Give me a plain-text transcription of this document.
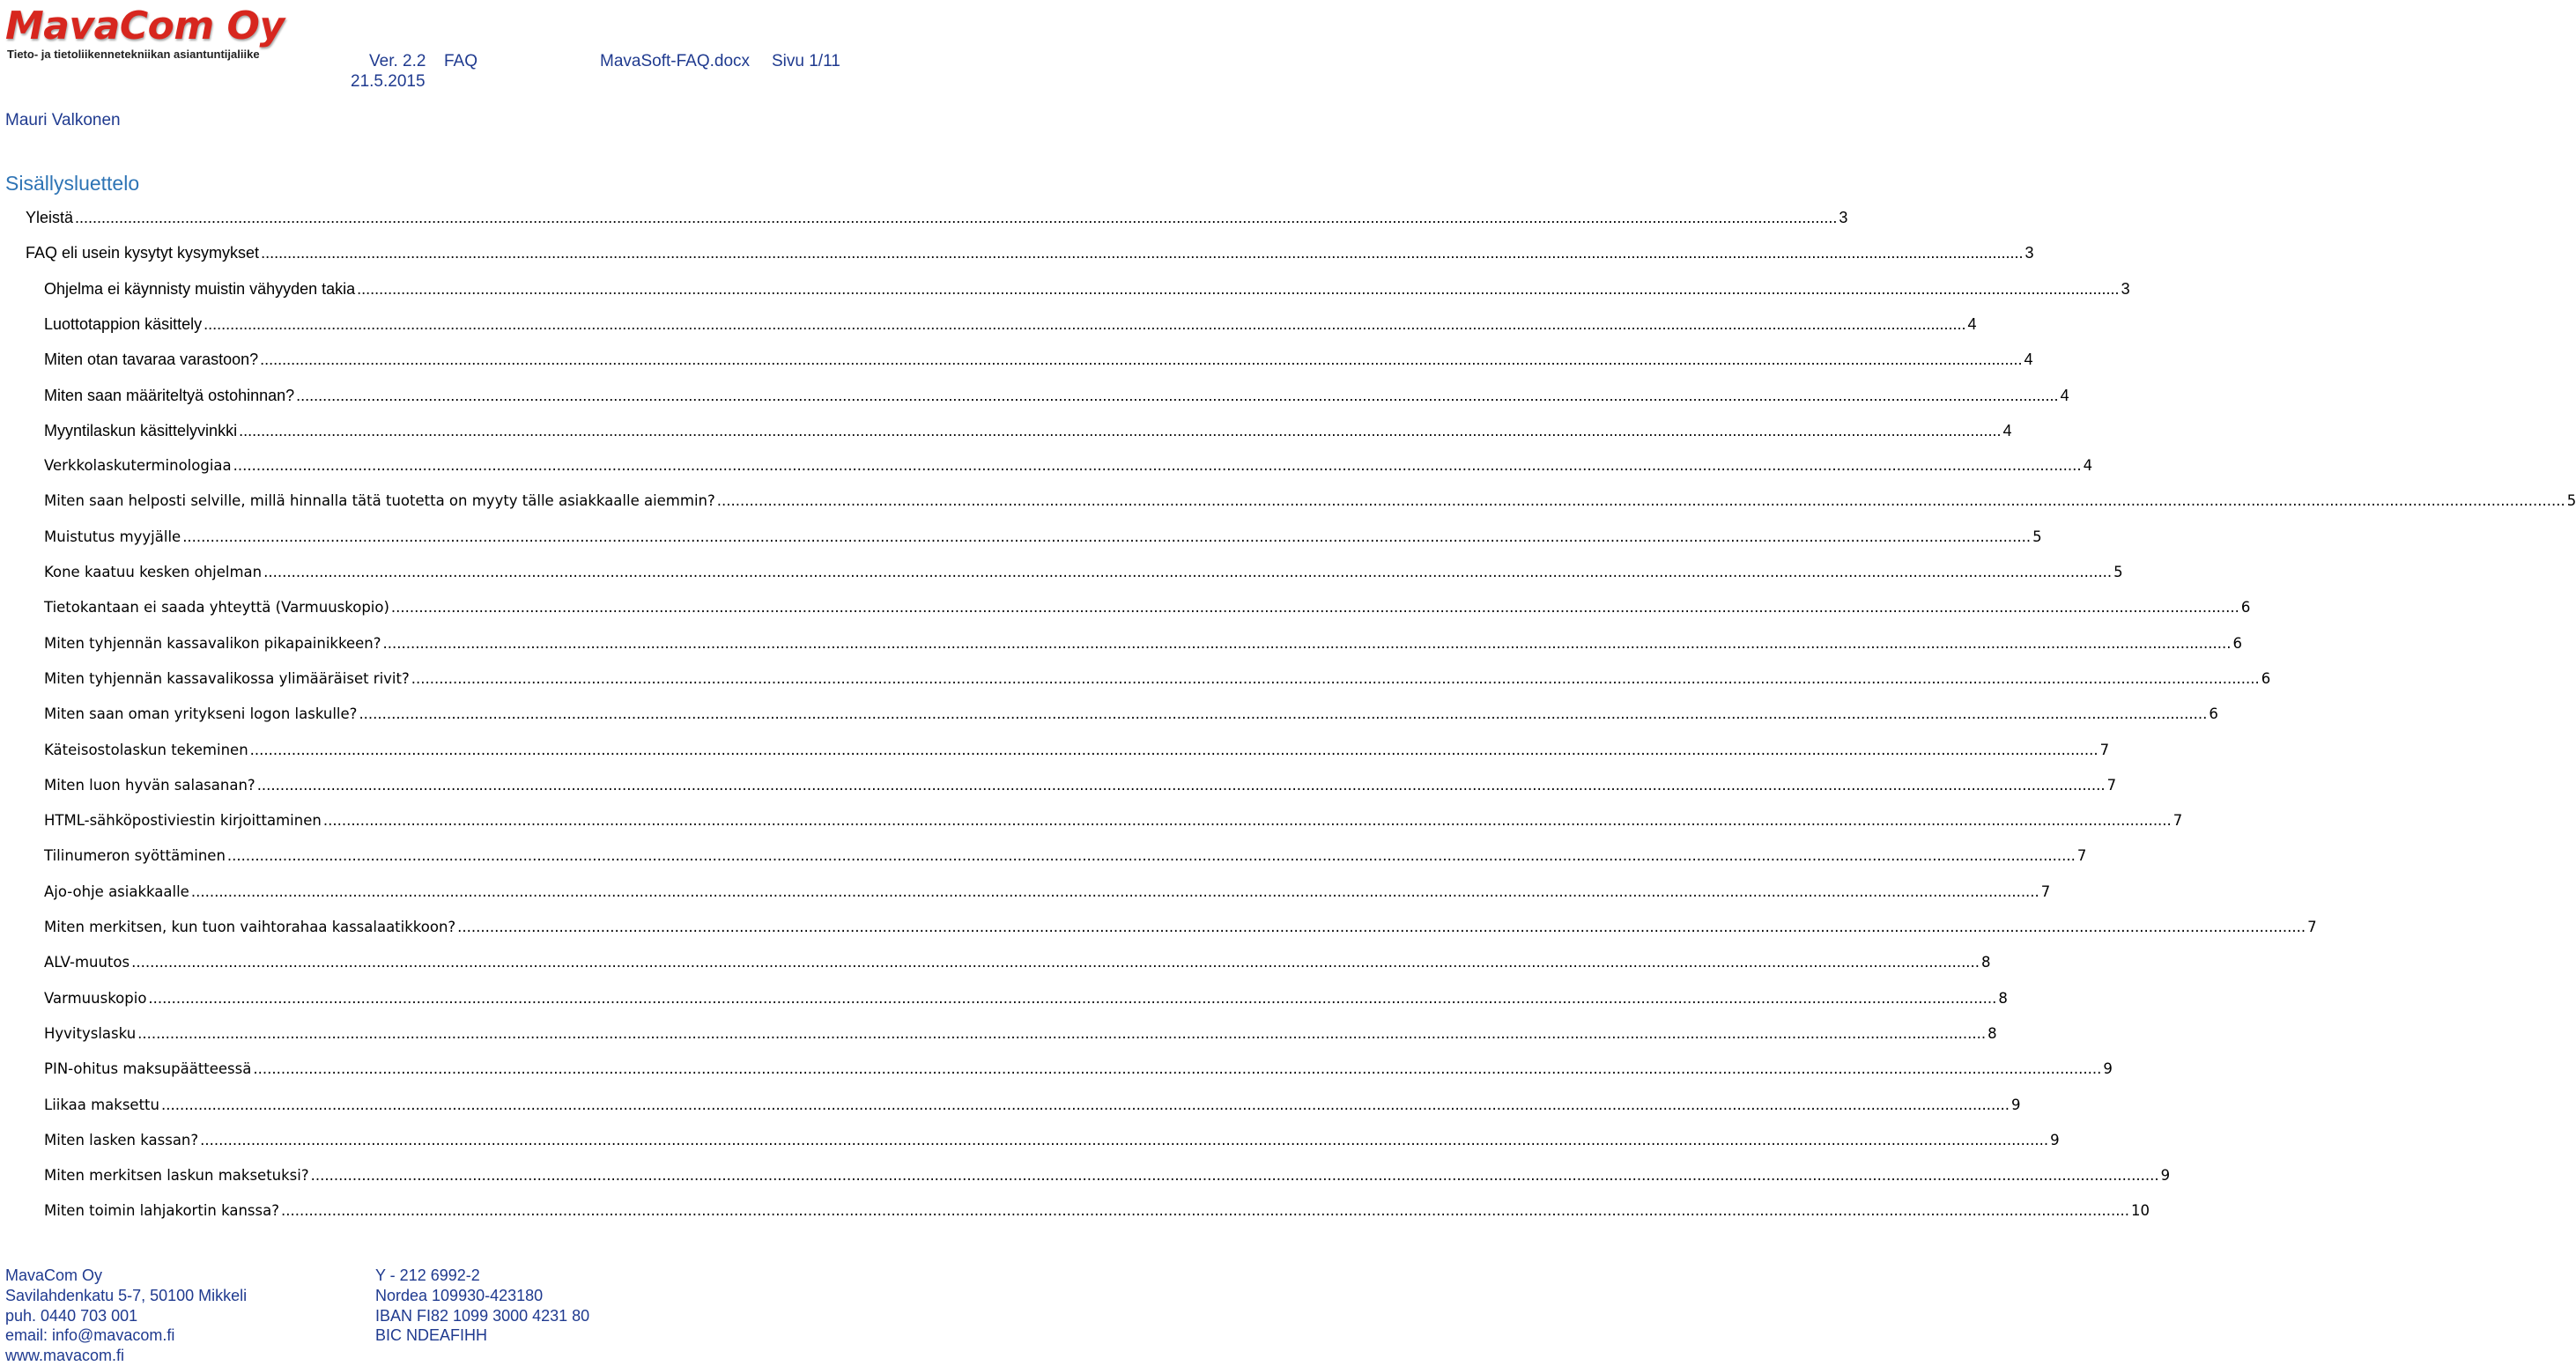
MavaCom Oy
Tieto- ja tietoliikennetekniikan asiantuntijaliike	Ver. 2.2 FAQ	MavaSoft-FAQ.docx Sivu 1/11
21.5.2015
Mauri Valkonen
Sisällysluettelo
Yleistä ................................................................................................................................................................................................................................................................................................................................................................................................................ 3
FAQ eli usein kysytyt kysymykset ................................................................................................................................................................................................................................................................................................................................................................................................................ 3
Ohjelma ei käynnisty muistin vähyyden takia ................................................................................................................................................................................................................................................................................................................................................................................................................ 3
Luottotappion käsittely ................................................................................................................................................................................................................................................................................................................................................................................................................ 4
Miten otan tavaraa varastoon? ................................................................................................................................................................................................................................................................................................................................................................................................................ 4
Miten saan määriteltyä ostohinnan? ................................................................................................................................................................................................................................................................................................................................................................................................................ 4
Myyntilaskun käsittelyvinkki ................................................................................................................................................................................................................................................................................................................................................................................................................ 4
Verkkolaskuterminologiaa ................................................................................................................................................................................................................................................................................................................................................................................................................ 4
Miten saan helposti selville, millä hinnalla tätä tuotetta on myyty tälle asiakkaalle aiemmin? ................................................................................................................................................................................................................................................................................................................................................................................................................ 5
Muistutus myyjälle ................................................................................................................................................................................................................................................................................................................................................................................................................ 5
Kone kaatuu kesken ohjelman ................................................................................................................................................................................................................................................................................................................................................................................................................ 5
Tietokantaan ei saada yhteyttä (Varmuuskopio) ................................................................................................................................................................................................................................................................................................................................................................................................................ 6
Miten tyhjennän kassavalikon pikapainikkeen? ................................................................................................................................................................................................................................................................................................................................................................................................................ 6
Miten tyhjennän kassavalikossa ylimääräiset rivit? ................................................................................................................................................................................................................................................................................................................................................................................................................ 6
Miten saan oman yritykseni logon laskulle? ................................................................................................................................................................................................................................................................................................................................................................................................................ 6
Käteisostolaskun tekeminen ................................................................................................................................................................................................................................................................................................................................................................................................................ 7
Miten luon hyvän salasanan? ................................................................................................................................................................................................................................................................................................................................................................................................................ 7
HTML-sähköpostiviestin kirjoittaminen ................................................................................................................................................................................................................................................................................................................................................................................................................ 7
Tilinumeron syöttäminen ................................................................................................................................................................................................................................................................................................................................................................................................................ 7
Ajo-ohje asiakkaalle ................................................................................................................................................................................................................................................................................................................................................................................................................ 7
Miten merkitsen, kun tuon vaihtorahaa kassalaatikkoon? ................................................................................................................................................................................................................................................................................................................................................................................................................ 7
ALV-muutos ................................................................................................................................................................................................................................................................................................................................................................................................................ 8
Varmuuskopio ................................................................................................................................................................................................................................................................................................................................................................................................................ 8
Hyvityslasku ................................................................................................................................................................................................................................................................................................................................................................................................................ 8
PIN-ohitus maksupäätteessä ................................................................................................................................................................................................................................................................................................................................................................................................................ 9
Liikaa maksettu ................................................................................................................................................................................................................................................................................................................................................................................................................ 9
Miten lasken kassan? ................................................................................................................................................................................................................................................................................................................................................................................................................ 9
Miten merkitsen laskun maksetuksi? ................................................................................................................................................................................................................................................................................................................................................................................................................ 9
Miten toimin lahjakortin kanssa? ................................................................................................................................................................................................................................................................................................................................................................................................................ 10
MavaCom Oy
Savilahdenkatu 5-7, 50100 Mikkeli
puh. 0440 703 001
email: info@mavacom.fi
www.mavacom.fi
Y - 212 6992-2
Nordea 109930-423180
IBAN FI82 1099 3000 4231 80
BIC NDEAFIHH
